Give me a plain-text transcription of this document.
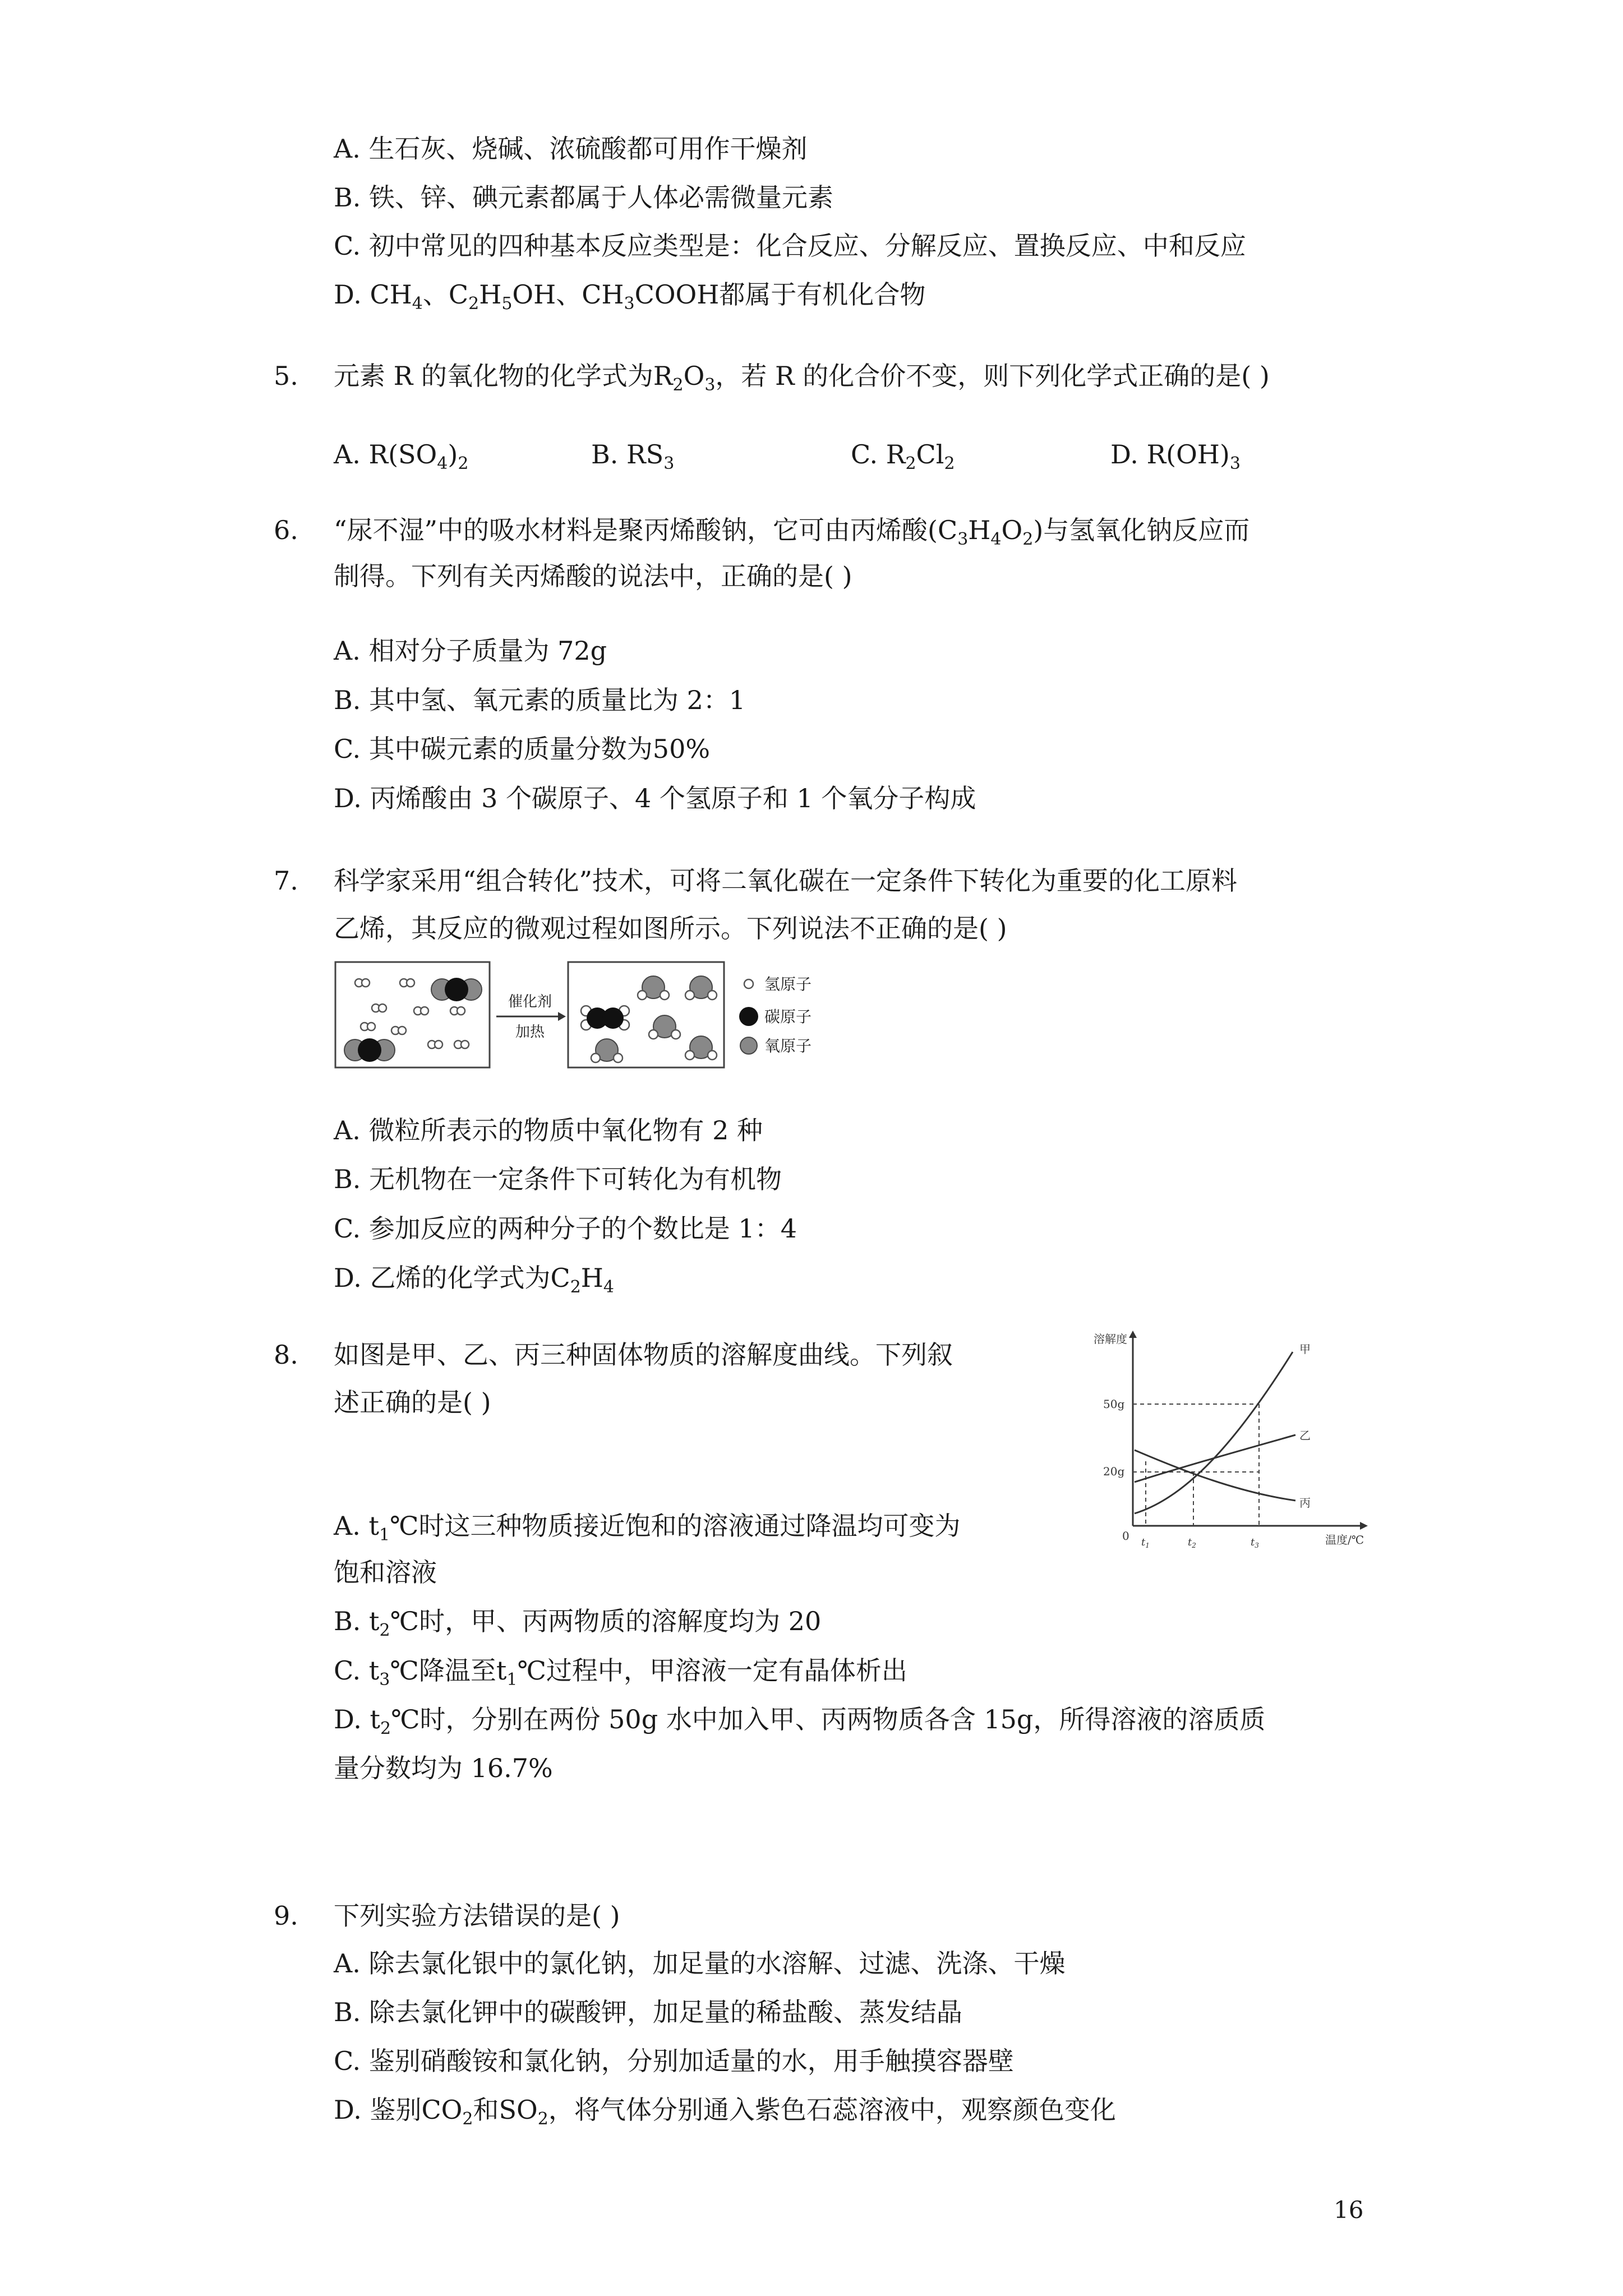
A. 生石灰、烧碱、浓硫酸都可用作干燥剂
B. 铁、锌、碘元素都属于人体必需微量元素
C. 初中常见的四种基本反应类型是：化合反应、分解反应、置换反应、中和反应
D. $CH_4$、$C_2H_5OH$、$CH_3COOH$都属于有机化合物
5. 元素 R 的氧化物的化学式为$R_2O_3$，若 R 的化合价不变，则下列化学式正确的是( )
A. $R(SO_4)_2$	B. $RS_3$	C. $R_2Cl_2$	D. $R(OH)_3$
6. “尿不湿”中的吸水材料是聚丙烯酸钠，它可由丙烯酸$(C_3H_4O_2)$与氢氧化钠反应而
制得。下列有关丙烯酸的说法中，正确的是( )
A. 相对分子质量为 72g
B. 其中氢、氧元素的质量比为 2：1
C. 其中碳元素的质量分数为50%
D. 丙烯酸由 3 个碳原子、4 个氢原子和 1 个氧分子构成
7. 科学家采用“组合转化”技术，可将二氧化碳在一定条件下转化为重要的化工原料
乙烯，其反应的微观过程如图所示。下列说法不正确的是( )
催化剂
加热
氢原子
碳原子
氧原子
A. 微粒所表示的物质中氧化物有 2 种
B. 无机物在一定条件下可转化为有机物
C. 参加反应的两种分子的个数比是 1：4
D. 乙烯的化学式为$C_2H_4$
8. 如图是甲、乙、丙三种固体物质的溶解度曲线。下列叙
述正确的是( )
溶解度
温度/℃
50g
20g
0 $t_1$	$t_2$	$t_3$
甲
乙
丙
A. $t_1℃$时这三种物质接近饱和的溶液通过降温均可变为
饱和溶液
B. $t_2℃$时，甲、丙两物质的溶解度均为 20
C. $t_3℃$降温至$t_1℃$过程中，甲溶液一定有晶体析出
D. $t_2℃$时，分别在两份 50g 水中加入甲、丙两物质各含 15g，所得溶液的溶质质
量分数均为 16.7%
9. 下列实验方法错误的是( )
A. 除去氯化银中的氯化钠，加足量的水溶解、过滤、洗涤、干燥
B. 除去氯化钾中的碳酸钾，加足量的稀盐酸、蒸发结晶
C. 鉴别硝酸铵和氯化钠，分别加适量的水，用手触摸容器壁
D. 鉴别$CO_2$和$SO_2$，将气体分别通入紫色石蕊溶液中，观察颜色变化
16
